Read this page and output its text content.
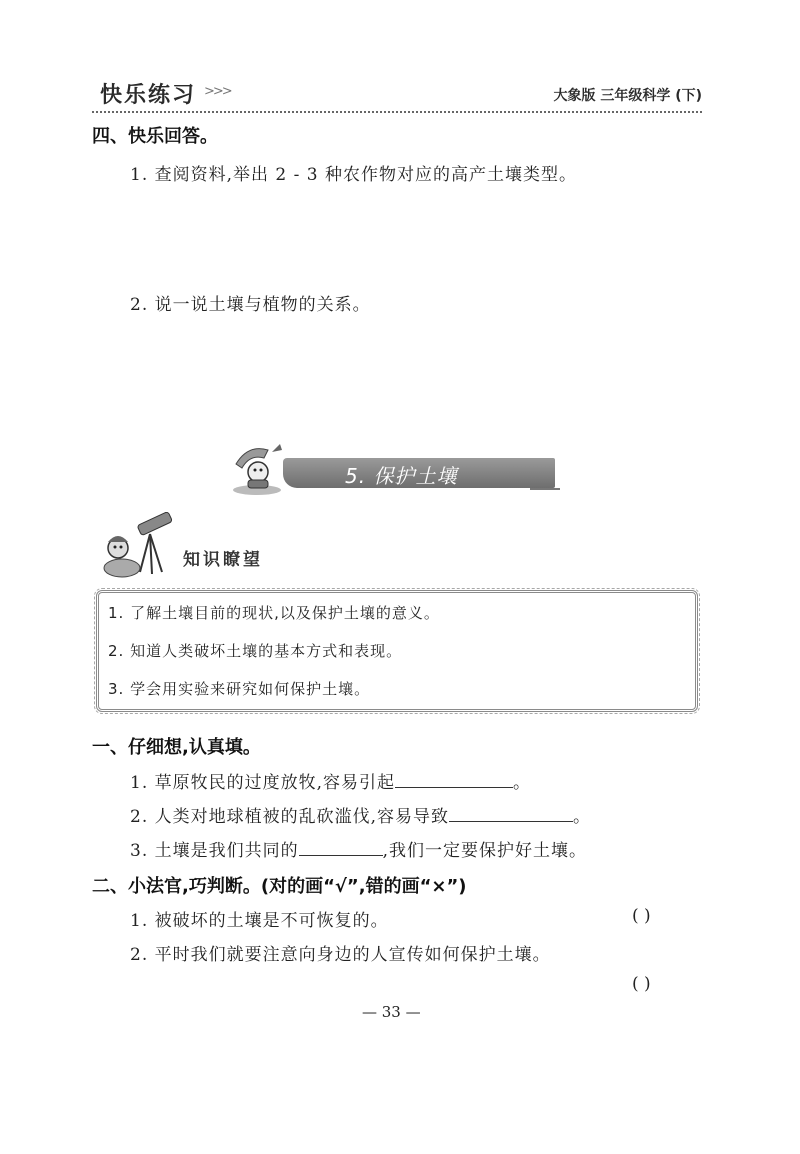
快乐练习 >>>	大象版 三年级科学 (下)
四、快乐回答。
1. 查阅资料,举出 2 - 3 种农作物对应的高产土壤类型。
2. 说一说土壤与植物的关系。
5. 保护土壤
知识瞭望
1. 了解土壤目前的现状,以及保护土壤的意义。
2. 知道人类破坏土壤的基本方式和表现。
3. 学会用实验来研究如何保护土壤。
一、仔细想,认真填。
1. 草原牧民的过度放牧,容易引起	。
2. 人类对地球植被的乱砍滥伐,容易导致	。
3. 土壤是我们共同的	,我们一定要保护好土壤。
二、小法官,巧判断。(对的画“√”,错的画“×”)
1. 被破坏的土壤是不可恢复的。	( )
2. 平时我们就要注意向身边的人宣传如何保护土壤。
( )
— 33 —
